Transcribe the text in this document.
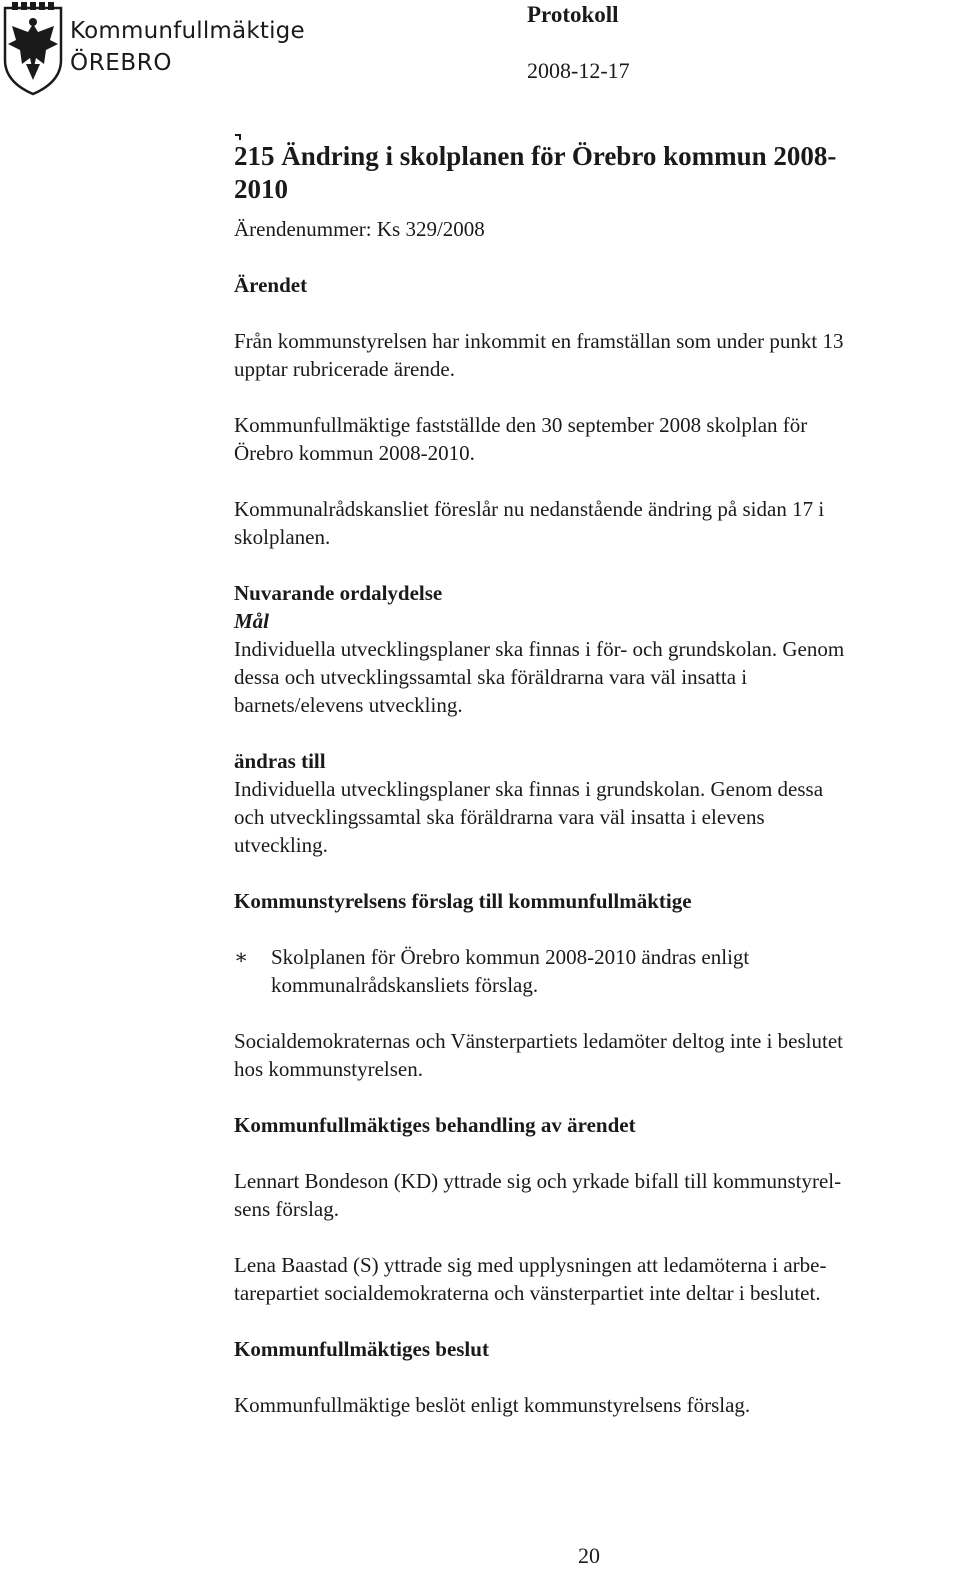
Kommunfullmäktige
ÖREBRO
Protokoll
2008-12-17
215 Ändring i skolplanen för Örebro kommun 2008-
2010

Ärendenummer: Ks 329/2008

Ärendet

Från kommunstyrelsen har inkommit en framställan som under punkt 13
upptar rubricerade ärende.

Kommunfullmäktige fastställde den 30 september 2008 skolplan för
Örebro kommun 2008-2010.

Kommunalrådskansliet föreslår nu nedanstående ändring på sidan 17 i
skolplanen.

Nuvarande ordalydelse

Mål

Individuella utvecklingsplaner ska finnas i för- och grundskolan. Genom
dessa och utvecklingssamtal ska föräldrarna vara väl insatta i
barnets/elevens utveckling.

ändras till

Individuella utvecklingsplaner ska finnas i grundskolan. Genom dessa
och utvecklingssamtal ska föräldrarna vara väl insatta i elevens
utveckling.

Kommunstyrelsens förslag till kommunfullmäktige

∗ Skolplanen för Örebro kommun 2008-2010 ändras enligt
kommunalrådskansliets förslag.

Socialdemokraternas och Vänsterpartiets ledamöter deltog inte i beslutet
hos kommunstyrelsen.

Kommunfullmäktiges behandling av ärendet

Lennart Bondeson (KD) yttrade sig och yrkade bifall till kommunstyrel-
sens förslag.

Lena Baastad (S) yttrade sig med upplysningen att ledamöterna i arbe-
tarepartiet socialdemokraterna och vänsterpartiet inte deltar i beslutet.

Kommunfullmäktiges beslut

Kommunfullmäktige beslöt enligt kommunstyrelsens förslag.

20
